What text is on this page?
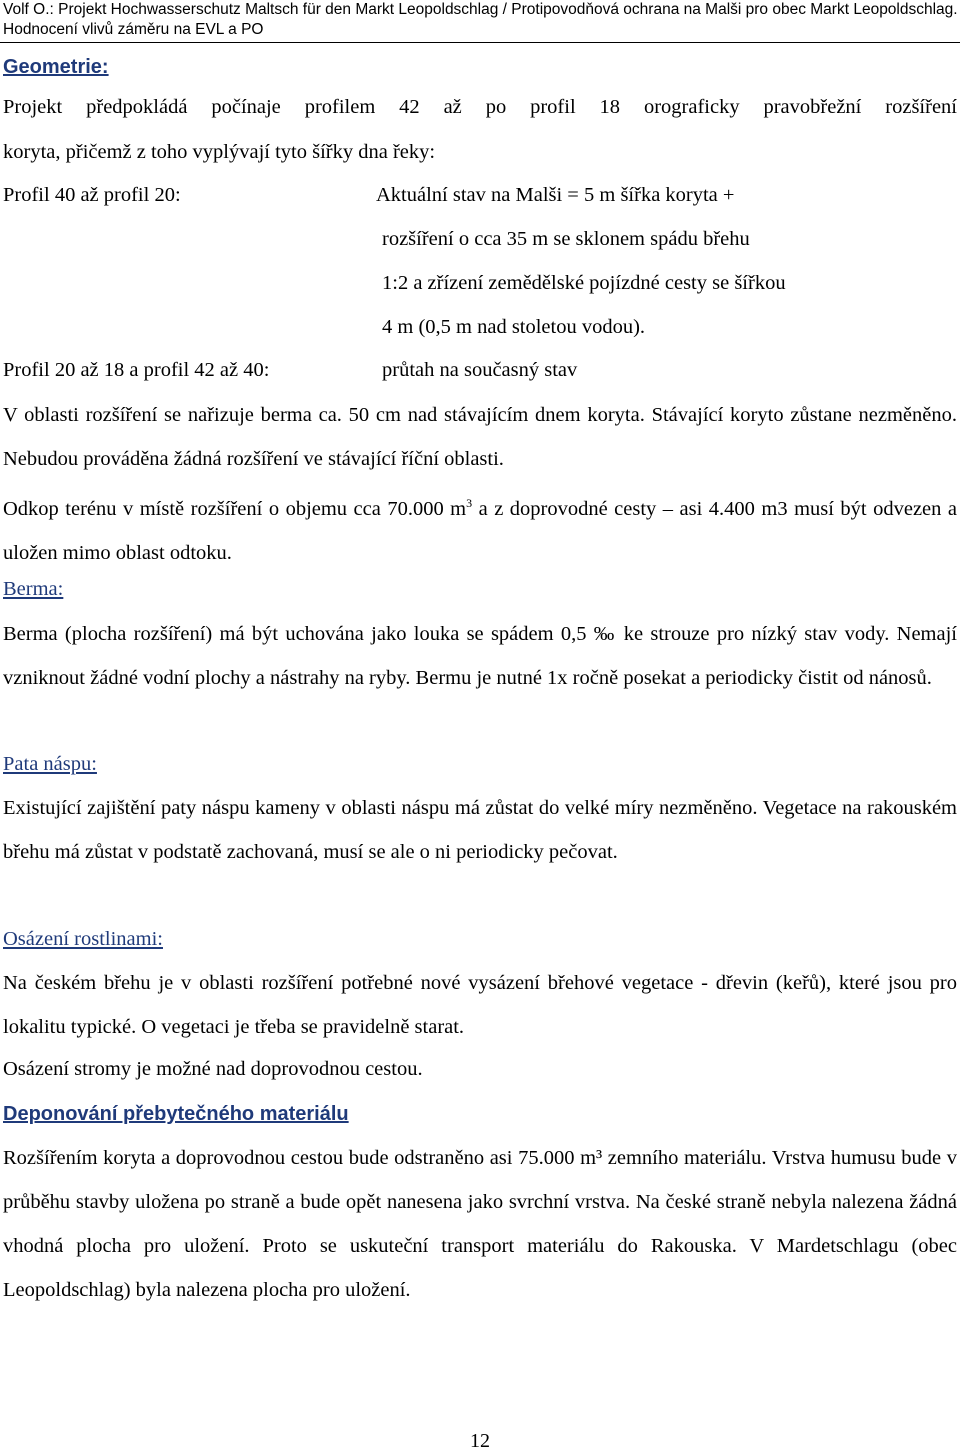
Volf O.: Projekt Hochwasserschutz Maltsch für den Markt Leopoldschlag / Protipovodňová ochrana na Malši pro obec Markt Leopoldschlag. Hodnocení vlivů záměru na EVL a PO
Geometrie:
Projekt předpokládá počínaje profilem 42 až po profil 18 orograficky pravobřežní rozšíření
koryta, přičemž z toho vyplývají tyto šířky dna řeky:
Profil 40 až profil 20:	Aktuální stav na Malši = 5 m šířka koryta +
rozšíření o cca 35 m se sklonem spádu břehu
1:2 a zřízení zemědělské pojízdné cesty se šířkou
4 m (0,5 m nad stoletou vodou).
Profil 20 až 18 a profil 42 až 40:	průtah na současný stav
V oblasti rozšíření se nařizuje berma ca. 50 cm nad stávajícím dnem koryta. Stávající koryto zůstane nezměněno. Nebudou prováděna žádná rozšíření ve stávající říční oblasti.
Odkop terénu v místě rozšíření o objemu cca 70.000 $m^3$ a z doprovodné cesty – asi 4.400 m3 musí být odvezen a uložen mimo oblast odtoku.
Berma:
Berma (plocha rozšíření) má být uchována jako louka se spádem 0,5 ‰ ke strouze pro nízký stav vody. Nemají vzniknout žádné vodní plochy a nástrahy na ryby. Bermu je nutné 1x ročně posekat a periodicky čistit od nánosů.
Pata náspu:
Existující zajištění paty náspu kameny v oblasti náspu má zůstat do velké míry nezměněno. Vegetace na rakouském břehu má zůstat v podstatě zachovaná, musí se ale o ni periodicky pečovat.
Osázení rostlinami:
Na českém břehu je v oblasti rozšíření potřebné nové vysázení břehové vegetace - dřevin (keřů), které jsou pro lokalitu typické. O vegetaci je třeba se pravidelně starat.
Osázení stromy je možné nad doprovodnou cestou.
Deponování přebytečného materiálu
Rozšířením koryta a doprovodnou cestou bude odstraněno asi 75.000 m³ zemního materiálu. Vrstva humusu bude v průběhu stavby uložena po straně a bude opět nanesena jako svrchní vrstva. Na české straně nebyla nalezena žádná vhodná plocha pro uložení. Proto se uskuteční transport materiálu do Rakouska. V Mardetschlagu (obec Leopoldschlag) byla nalezena plocha pro uložení.
12
